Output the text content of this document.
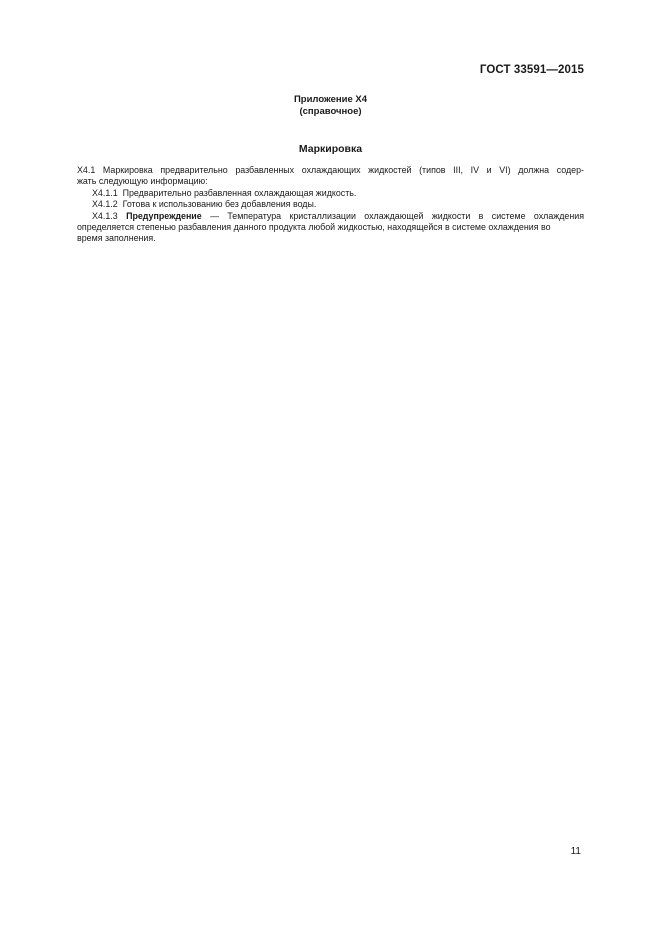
ГОСТ 33591—2015
Приложение Х4
(справочное)
Маркировка
Х4.1 Маркировка предварительно разбавленных охлаждающих жидкостей (типов III, IV и VI) должна содер-
жать следующую информацию:
Х4.1.1 Предварительно разбавленная охлаждающая жидкость.
Х4.1.2 Готова к использованию без добавления воды.
Х4.1.3 Предупреждение — Температура кристаллизации охлаждающей жидкости в системе охлаждения
определяется степенью разбавления данного продукта любой жидкостью, находящейся в системе охлаждения во
время заполнения.
11
